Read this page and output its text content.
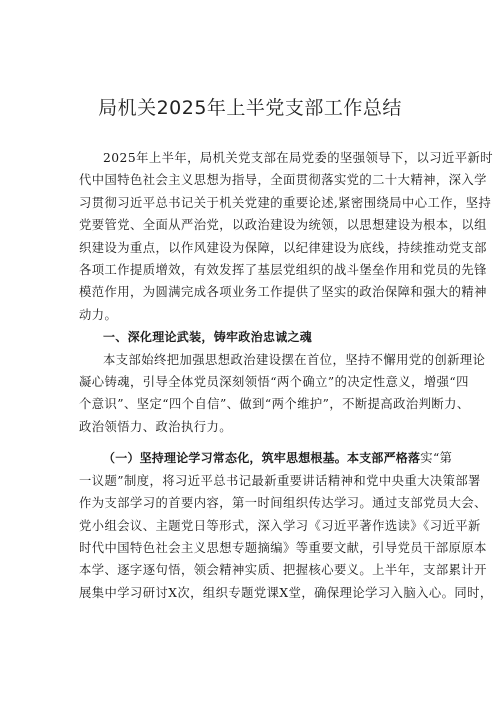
局机关2025年上半党支部工作总结

2025年上半年，局机关党支部在局党委的坚强领导下，以习近平新时

代中国特色社会主义思想为指导，全面贯彻落实党的二十大精神，深入学

习贯彻习近平总书记关于机关党建的重要论述,紧密围绕局中心工作，坚持

党要管党、全面从严治党，以政治建设为统领，以思想建设为根本，以组

织建设为重点，以作风建设为保障，以纪律建设为底线，持续推动党支部

各项工作提质增效，有效发挥了基层党组织的战斗堡垒作用和党员的先锋

模范作用，为圆满完成各项业务工作提供了坚实的政治保障和强大的精神

动力。

一、深化理论武装，铸牢政治忠诚之魂

本支部始终把加强思想政治建设摆在首位，坚持不懈用党的创新理论

凝心铸魂，引导全体党员深刻领悟“两个确立”的决定性意义，增强“四

个意识”、坚定“四个自信”、做到“两个维护”，不断提高政治判断力、

政治领悟力、政治执行力。

（一）坚持理论学习常态化，筑牢思想根基。本支部严格落实“第

一议题”制度，将习近平总书记最新重要讲话精神和党中央重大决策部署

作为支部学习的首要内容，第一时间组织传达学习。通过支部党员大会、

党小组会议、主题党日等形式，深入学习《习近平著作选读》《习近平新

时代中国特色社会主义思想专题摘编》等重要文献，引导党员干部原原本

本学、逐字逐句悟，领会精神实质、把握核心要义。上半年，支部累计开

展集中学习研讨X次，组织专题党课X堂，确保理论学习入脑入心。同时，
